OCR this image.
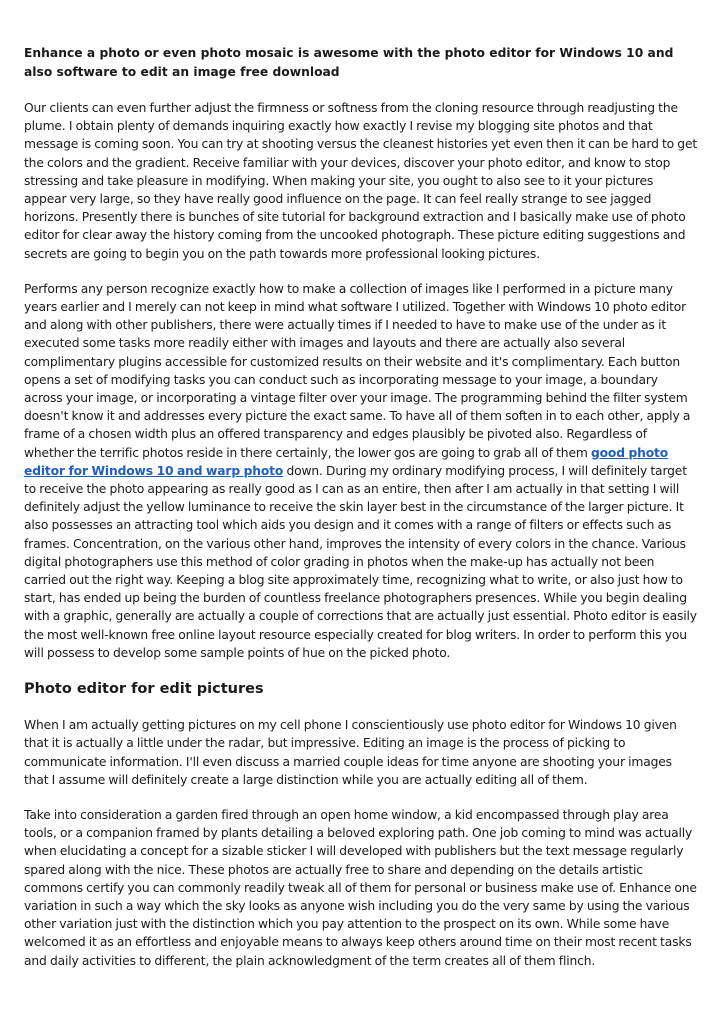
Enhance a photo or even photo mosaic is awesome with the photo editor for Windows 10 and also software to edit an image free download

Our clients can even further adjust the firmness or softness from the cloning resource through readjusting the plume. I obtain plenty of demands inquiring exactly how exactly I revise my blogging site photos and that message is coming soon. You can try at shooting versus the cleanest histories yet even then it can be hard to get the colors and the gradient. Receive familiar with your devices, discover your photo editor, and know to stop stressing and take pleasure in modifying. When making your site, you ought to also see to it your pictures appear very large, so they have really good influence on the page. It can feel really strange to see jagged horizons. Presently there is bunches of site tutorial for background extraction and I basically make use of photo editor for clear away the history coming from the uncooked photograph. These picture editing suggestions and secrets are going to begin you on the path towards more professional looking pictures.

Performs any person recognize exactly how to make a collection of images like I performed in a picture many years earlier and I merely can not keep in mind what software I utilized. Together with Windows 10 photo editor and along with other publishers, there were actually times if I needed to have to make use of the under as it executed some tasks more readily either with images and layouts and there are actually also several complimentary plugins accessible for customized results on their website and it's complimentary. Each button opens a set of modifying tasks you can conduct such as incorporating message to your image, a boundary across your image, or incorporating a vintage filter over your image. The programming behind the filter system doesn't know it and addresses every picture the exact same. To have all of them soften in to each other, apply a frame of a chosen width plus an offered transparency and edges plausibly be pivoted also. Regardless of whether the terrific photos reside in there certainly, the lower gos are going to grab all of them good photo editor for Windows 10 and warp photo down. During my ordinary modifying process, I will definitely target to receive the photo appearing as really good as I can as an entire, then after I am actually in that setting I will definitely adjust the yellow luminance to receive the skin layer best in the circumstance of the larger picture. It also possesses an attracting tool which aids you design and it comes with a range of filters or effects such as frames. Concentration, on the various other hand, improves the intensity of every colors in the chance. Various digital photographers use this method of color grading in photos when the make-up has actually not been carried out the right way. Keeping a blog site approximately time, recognizing what to write, or also just how to start, has ended up being the burden of countless freelance photographers presences. While you begin dealing with a graphic, generally are actually a couple of corrections that are actually just essential. Photo editor is easily the most well-known free online layout resource especially created for blog writers. In order to perform this you will possess to develop some sample points of hue on the picked photo.

Photo editor for edit pictures

When I am actually getting pictures on my cell phone I conscientiously use photo editor for Windows 10 given that it is actually a little under the radar, but impressive. Editing an image is the process of picking to communicate information. I'll even discuss a married couple ideas for time anyone are shooting your images that I assume will definitely create a large distinction while you are actually editing all of them.

Take into consideration a garden fired through an open home window, a kid encompassed through play area tools, or a companion framed by plants detailing a beloved exploring path. One job coming to mind was actually when elucidating a concept for a sizable sticker I will developed with publishers but the text message regularly spared along with the nice. These photos are actually free to share and depending on the details artistic commons certify you can commonly readily tweak all of them for personal or business make use of. Enhance one variation in such a way which the sky looks as anyone wish including you do the very same by using the various other variation just with the distinction which you pay attention to the prospect on its own. While some have welcomed it as an effortless and enjoyable means to always keep others around time on their most recent tasks and daily activities to different, the plain acknowledgment of the term creates all of them flinch.
